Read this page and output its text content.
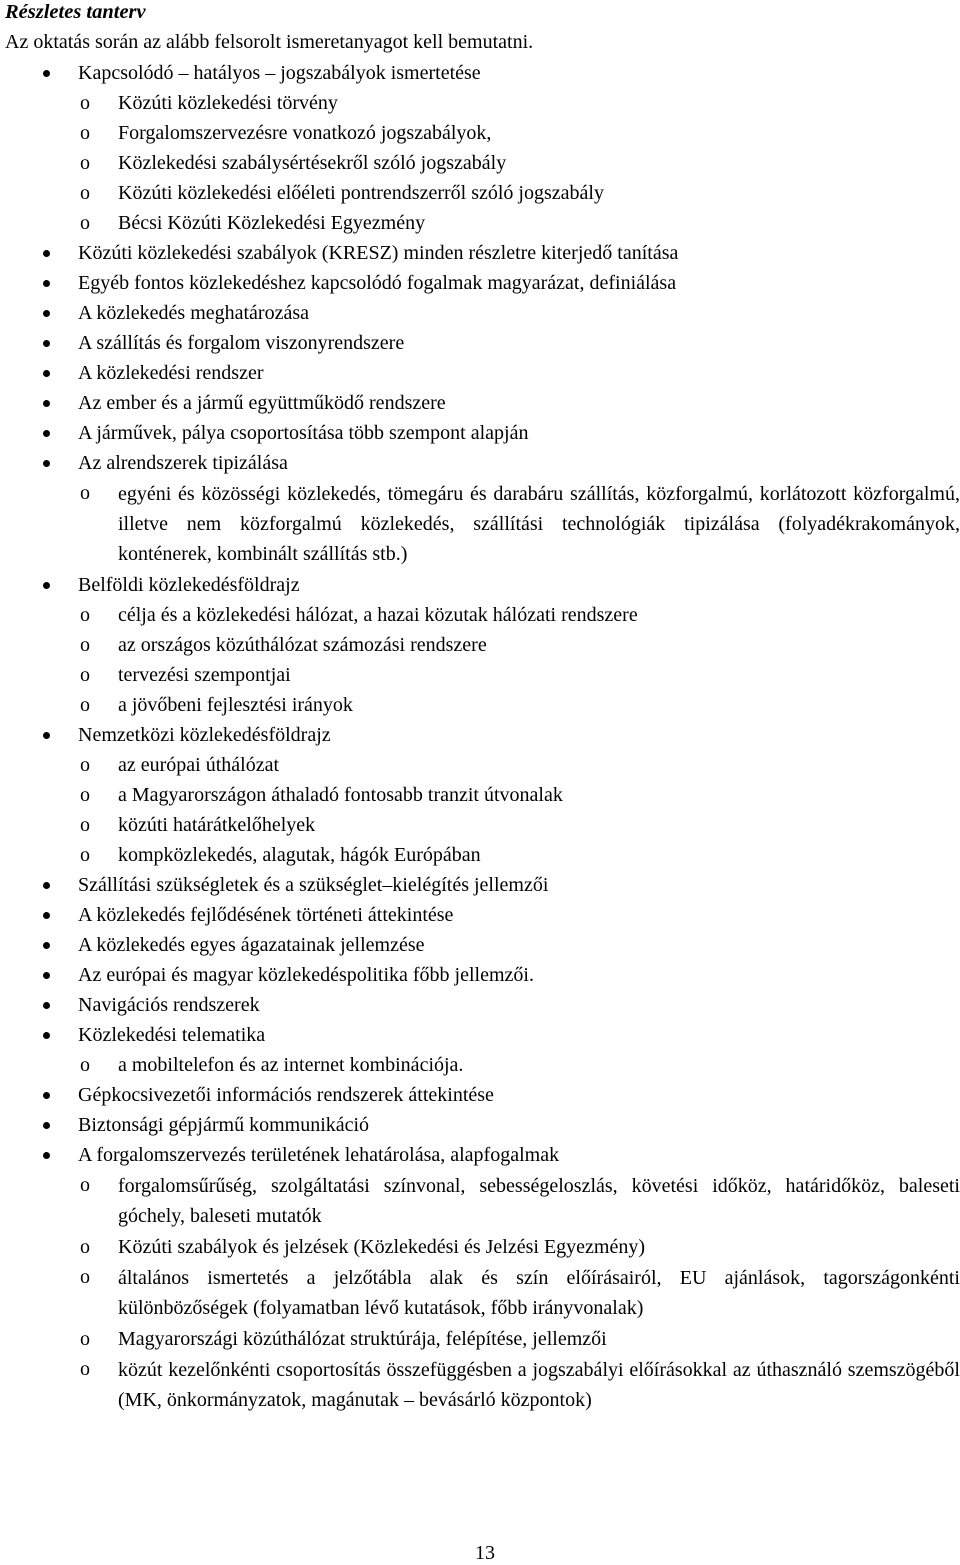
Részletes tanterv

Az oktatás során az alább felsorolt ismeretanyagot kell bemutatni.

Kapcsolódó – hatályos – jogszabályok ismertetése
o Közúti közlekedési törvény
o Forgalomszervezésre vonatkozó jogszabályok,
o Közlekedési szabálysértésekről szóló jogszabály
o Közúti közlekedési előéleti pontrendszerről szóló jogszabály
o Bécsi Közúti Közlekedési Egyezmény
Közúti közlekedési szabályok (KRESZ) minden részletre kiterjedő tanítása
Egyéb fontos közlekedéshez kapcsolódó fogalmak magyarázat, definiálása
A közlekedés meghatározása
A szállítás és forgalom viszonyrendszere
A közlekedési rendszer
Az ember és a jármű együttműködő rendszere
A járművek, pálya csoportosítása több szempont alapján
Az alrendszerek tipizálása
o egyéni és közösségi közlekedés, tömegáru és darabáru szállítás, közforgalmú, korlátozott közforgalmú, illetve nem közforgalmú közlekedés, szállítási technológiák tipizálása (folyadékrakományok, konténerek, kombinált szállítás stb.)
Belföldi közlekedésföldrajz
o célja és a közlekedési hálózat, a hazai közutak hálózati rendszere
o az országos közúthálózat számozási rendszere
o tervezési szempontjai
o a jövőbeni fejlesztési irányok
Nemzetközi közlekedésföldrajz
o az európai úthálózat
o a Magyarországon áthaladó fontosabb tranzit útvonalak
o közúti határátkelőhelyek
o kompközlekedés, alagutak, hágók Európában
Szállítási szükségletek és a szükséglet–kielégítés jellemzői
A közlekedés fejlődésének történeti áttekintése
A közlekedés egyes ágazatainak jellemzése
Az európai és magyar közlekedéspolitika főbb jellemzői.
Navigációs rendszerek
Közlekedési telematika
o a mobiltelefon és az internet kombinációja.
Gépkocsivezetői információs rendszerek áttekintése
Biztonsági gépjármű kommunikáció
A forgalomszervezés területének lehatárolása, alapfogalmak
o forgalomsűrűség, szolgáltatási színvonal, sebességeloszlás, követési időköz, határidőköz, baleseti góchely, baleseti mutatók
o Közúti szabályok és jelzések (Közlekedési és Jelzési Egyezmény)
o általános ismertetés a jelzőtábla alak és szín előírásairól, EU ajánlások, tagországonkénti különbözőségek (folyamatban lévő kutatások, főbb irányvonalak)
o Magyarországi közúthálózat struktúrája, felépítése, jellemzői
o közút kezelőnkénti csoportosítás összefüggésben a jogszabályi előírásokkal az úthasználó szemszögéből (MK, önkormányzatok, magánutak – bevásárló központok)
13
